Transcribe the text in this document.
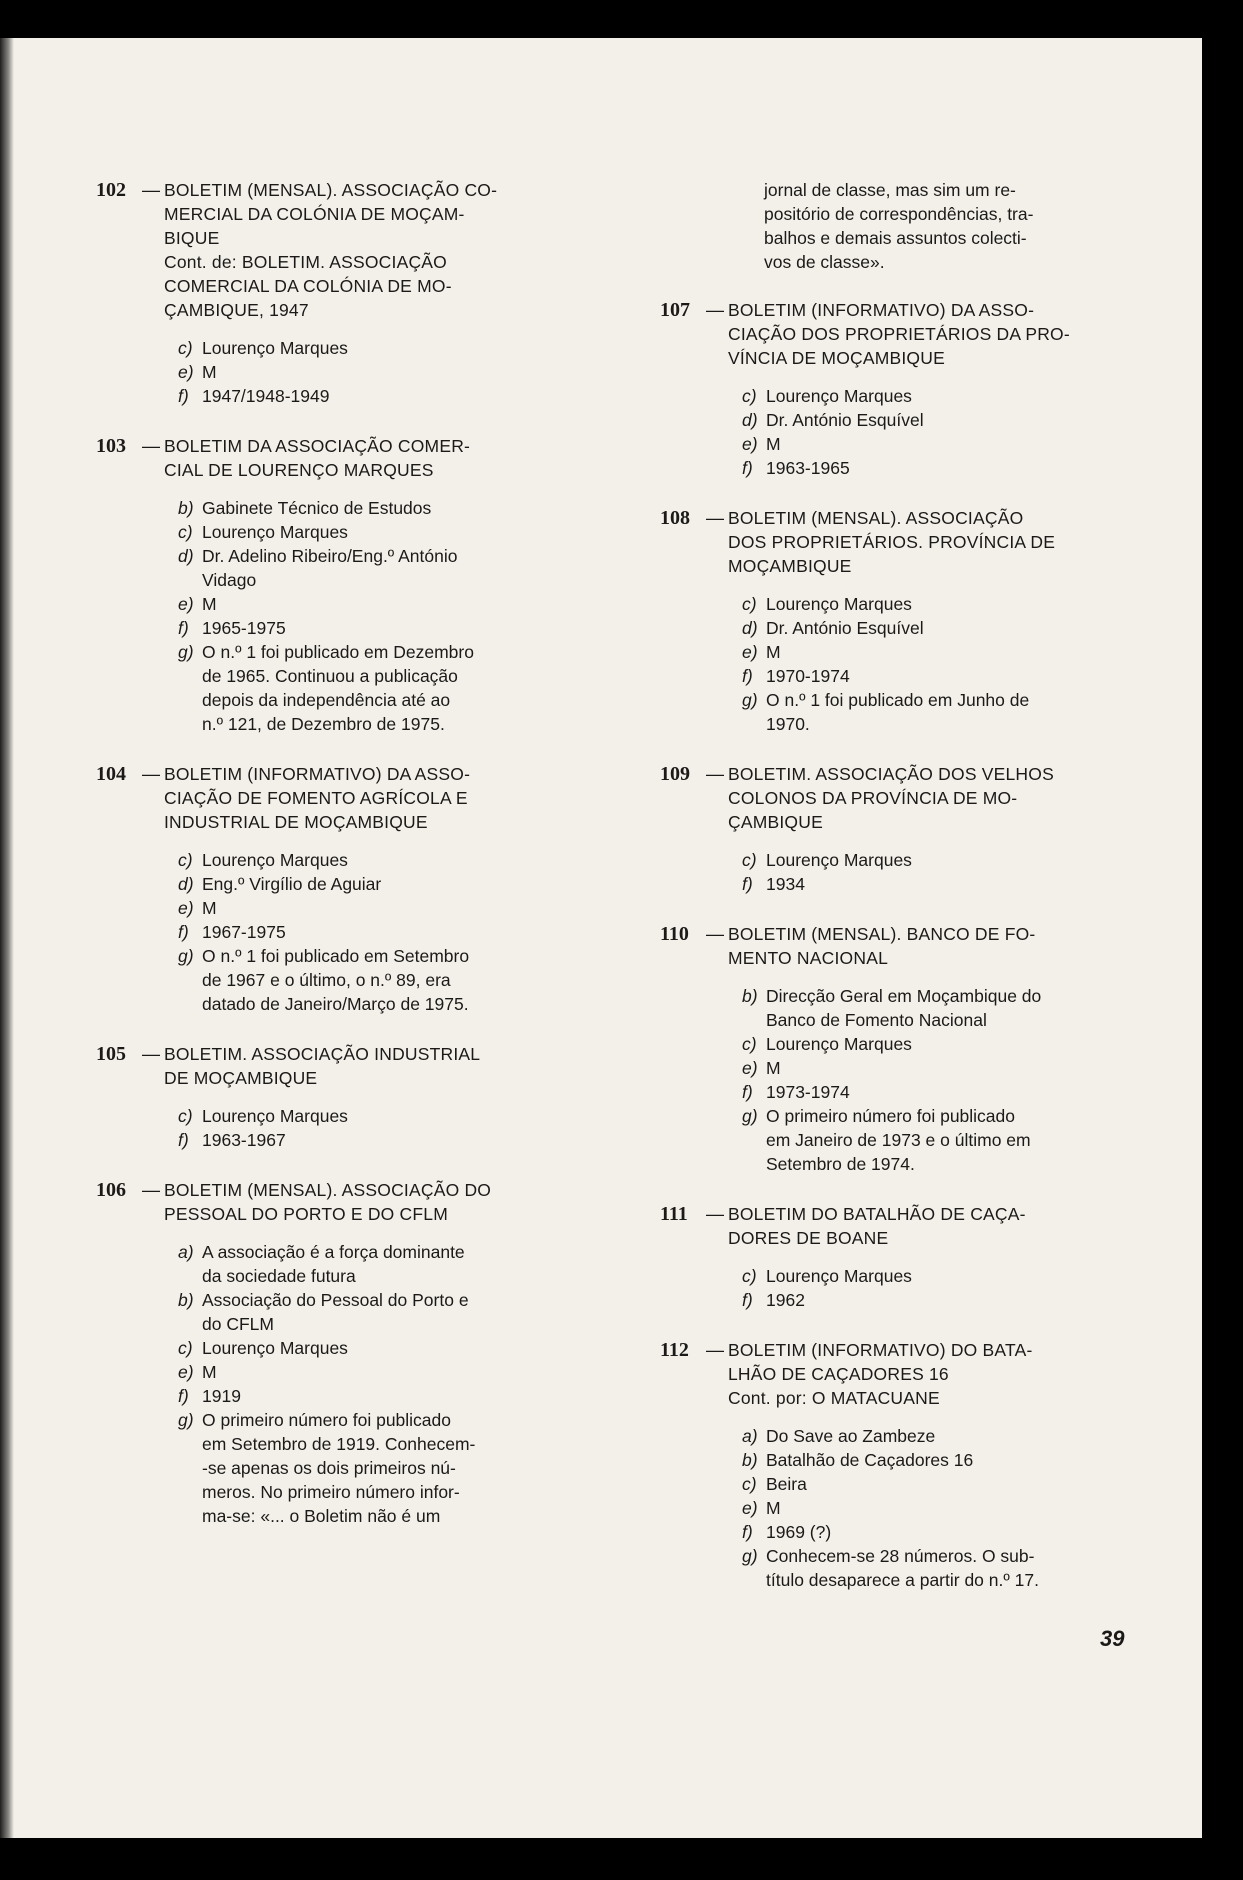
102 — BOLETIM (MENSAL). ASSOCIAÇÃO CO-
MERCIAL DA COLÓNIA DE MOÇAM-
BIQUE
Cont. de: BOLETIM. ASSOCIAÇÃO
COMERCIAL DA COLÓNIA DE MO-
ÇAMBIQUE, 1947
c) Lourenço Marques
e) M
f) 1947/1948-1949
103 — BOLETIM DA ASSOCIAÇÃO COMER-
CIAL DE LOURENÇO MARQUES
b) Gabinete Técnico de Estudos
c) Lourenço Marques
d) Dr. Adelino Ribeiro/Eng.º António
Vidago
e) M
f) 1965-1975
g) O n.º 1 foi publicado em Dezembro
de 1965. Continuou a publicação
depois da independência até ao
n.º 121, de Dezembro de 1975.
104 — BOLETIM (INFORMATIVO) DA ASSO-
CIAÇÃO DE FOMENTO AGRÍCOLA E
INDUSTRIAL DE MOÇAMBIQUE
c) Lourenço Marques
d) Eng.º Virgílio de Aguiar
e) M
f) 1967-1975
g) O n.º 1 foi publicado em Setembro
de 1967 e o último, o n.º 89, era
datado de Janeiro/Março de 1975.
105 — BOLETIM. ASSOCIAÇÃO INDUSTRIAL
DE MOÇAMBIQUE
c) Lourenço Marques
f) 1963-1967
106 — BOLETIM (MENSAL). ASSOCIAÇÃO DO
PESSOAL DO PORTO E DO CFLM
a) A associação é a força dominante
da sociedade futura
b) Associação do Pessoal do Porto e
do CFLM
c) Lourenço Marques
e) M
f) 1919
g) O primeiro número foi publicado
em Setembro de 1919. Conhecem-
-se apenas os dois primeiros nú-
meros. No primeiro número infor-
ma-se: «... o Boletim não é um
jornal de classe, mas sim um re-
positório de correspondências, tra-
balhos e demais assuntos colecti-
vos de classe».
107 — BOLETIM (INFORMATIVO) DA ASSO-
CIAÇÃO DOS PROPRIETÁRIOS DA PRO-
VÍNCIA DE MOÇAMBIQUE
c) Lourenço Marques
d) Dr. António Esquível
e) M
f) 1963-1965
108 — BOLETIM (MENSAL). ASSOCIAÇÃO
DOS PROPRIETÁRIOS. PROVÍNCIA DE
MOÇAMBIQUE
c) Lourenço Marques
d) Dr. António Esquível
e) M
f) 1970-1974
g) O n.º 1 foi publicado em Junho de
1970.
109 — BOLETIM. ASSOCIAÇÃO DOS VELHOS
COLONOS DA PROVÍNCIA DE MO-
ÇAMBIQUE
c) Lourenço Marques
f) 1934
110 — BOLETIM (MENSAL). BANCO DE FO-
MENTO NACIONAL
b) Direcção Geral em Moçambique do
Banco de Fomento Nacional
c) Lourenço Marques
e) M
f) 1973-1974
g) O primeiro número foi publicado
em Janeiro de 1973 e o último em
Setembro de 1974.
111	— BOLETIM DO BATALHÃO DE CAÇA-
DORES DE BOANE
c) Lourenço Marques
f) 1962
112 — BOLETIM (INFORMATIVO) DO BATA-
LHÃO DE CAÇADORES 16
Cont. por: O MATACUANE
a) Do Save ao Zambeze
b) Batalhão de Caçadores 16
c) Beira
e) M
f) 1969 (?)
g) Conhecem-se 28 números. O sub-
título desaparece a partir do n.º 17.
39
